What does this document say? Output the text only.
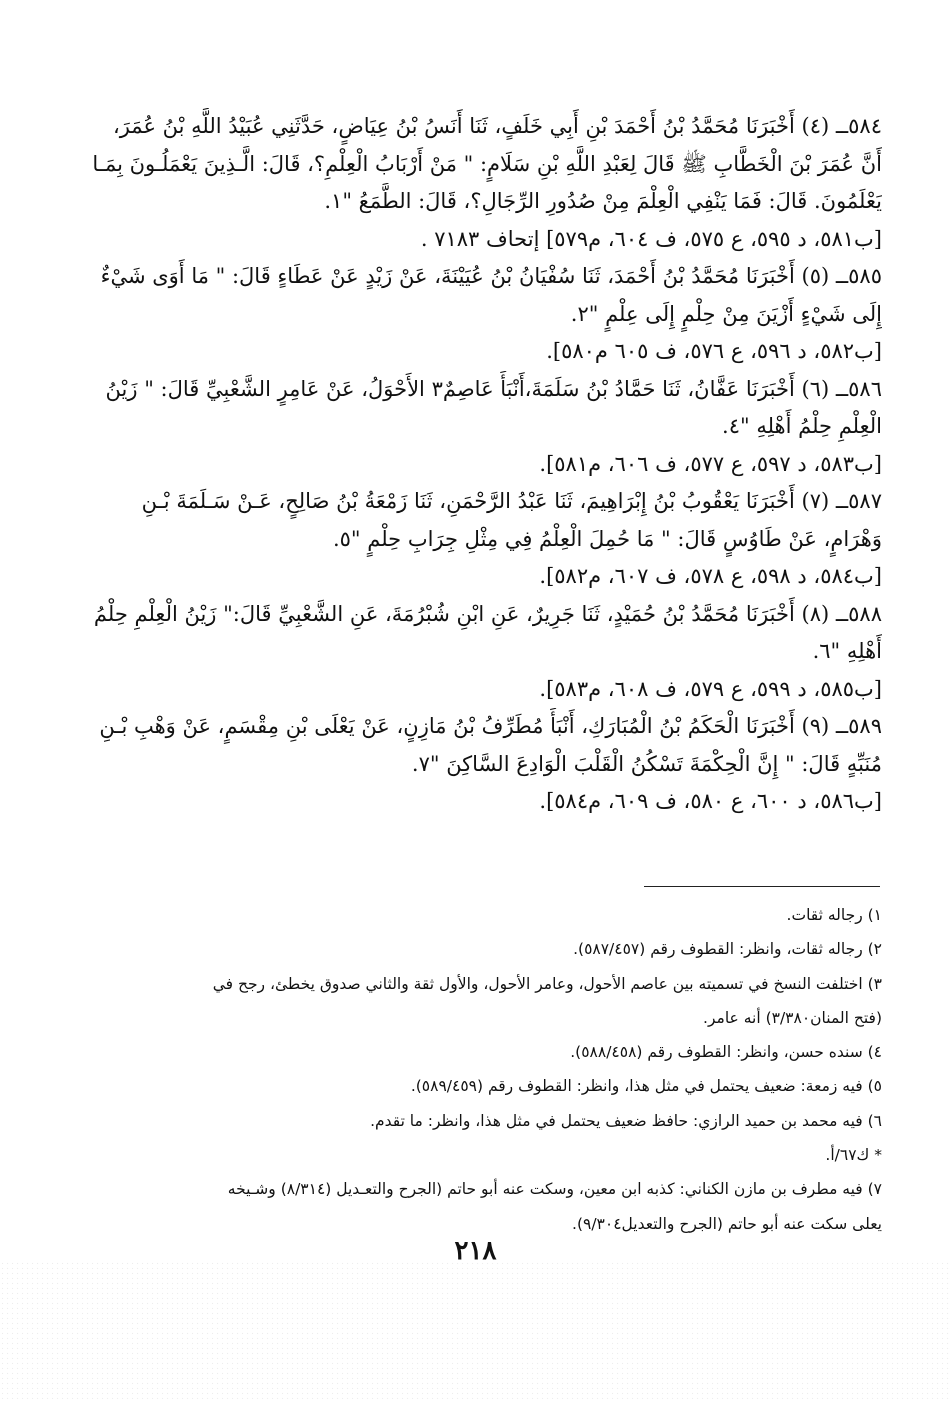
٥٨٤ــ (٤) أَخْبَرَنَا مُحَمَّدُ بْنُ أَحْمَدَ بْنِ أَبِي خَلَفٍ، ثَنَا أَنَسُ بْنُ عِيَاضٍ، حَدَّثَنِي عُبَيْدُ اللَّهِ بْنُ عُمَرَ،
أَنَّ عُمَرَ بْنَ الْخَطَّابِ ﷺ قَالَ لِعَبْدِ اللَّهِ بْنِ سَلَامٍ: " مَنْ أَرْبَابُ الْعِلْمِ؟، قَالَ: الَّـذِينَ يَعْمَلُـونَ بِمَـا
يَعْلَمُونَ. قَالَ: فَمَا يَنْفِي الْعِلْمَ مِنْ صُدُورِ الرِّجَالِ؟، قَالَ: الطَّمَعُ "١.
[ب٥٨١، د ٥٩٥، ع ٥٧٥، ف ٦٠٤، م٥٧٩] إتحاف ٧١٨٣ .
٥٨٥ــ (٥) أَخْبَرَنَا مُحَمَّدُ بْنُ أَحْمَدَ، ثَنَا سُفْيَانُ بْنُ عُيَيْنَةَ، عَنْ زَيْدٍ عَنْ عَطَاءٍ قَالَ: " مَا أَوَى شَيْءٌ
إِلَى شَيْءٍ أَزْيَنَ مِنْ حِلْمٍ إِلَى عِلْمٍ "٢.
[ب٥٨٢، د ٥٩٦، ع ٥٧٦، ف ٦٠٥ م٥٨٠].
٥٨٦ــ (٦) أَخْبَرَنَا عَفَّانُ، ثَنَا حَمَّادُ بْنُ سَلَمَةَ،أَنْبَأَ عَاصِمٌ٣ الأَحْوَلُ، عَنْ عَامِرٍ الشَّعْبِيِّ قَالَ: " زَيْنُ
الْعِلْمِ حِلْمُ أَهْلِهِ "٤.
[ب٥٨٣، د ٥٩٧، ع ٥٧٧، ف ٦٠٦، م٥٨١].
٥٨٧ــ (٧) أَخْبَرَنَا يَعْقُوبُ بْنُ إِبْرَاهِيمَ، ثَنَا عَبْدُ الرَّحْمَنِ، ثَنَا زَمْعَةُ بْنُ صَالِحٍ، عَـنْ سَـلَمَةَ بْـنِ
وَهْرَامٍ، عَنْ طَاوُسٍ قَالَ: " مَا حُمِلَ الْعِلْمُ فِي مِثْلِ جِرَابِ حِلْمٍ "٥.
[ب٥٨٤، د ٥٩٨، ع ٥٧٨، ف ٦٠٧، م٥٨٢].
٥٨٨ــ (٨) أَخْبَرَنَا مُحَمَّدُ بْنُ حُمَيْدٍ، ثَنَا جَرِيرٌ، عَنِ ابْنِ شُبْرُمَةَ، عَنِ الشَّعْبِيِّ قَالَ:" زَيْنُ الْعِلْمِ حِلْمُ
أَهْلِهِ "٦.
[ب٥٨٥، د ٥٩٩، ع ٥٧٩، ف ٦٠٨، م٥٨٣].
٥٨٩ــ (٩) أَخْبَرَنَا الْحَكَمُ بْنُ الْمُبَارَكِ، أَنْبَأَ مُطَرِّفُ بْنُ مَازِنٍ، عَنْ يَعْلَى بْنِ مِقْسَمٍ، عَنْ وَهْبِ بْـنِ
مُنَبِّهٍ قَالَ: " إِنَّ الْحِكْمَةَ تَسْكُنُ الْقَلْبَ الْوَادِعَ السَّاكِنَ "٧.
[ب٥٨٦، د ٦٠٠، ع ٥٨٠، ف ٦٠٩، م٥٨٤].
١) رجاله ثقات.
٢) رجاله ثقات، وانظر: القطوف رقم (٥٨٧/٤٥٧).
٣) اختلفت النسخ في تسميته بين عاصم الأحول، وعامر الأحول، والأول ثقة والثاني صدوق يخطئ، رجح في
(فتح المنان٣/٣٨٠) أنه عامر.
٤) سنده حسن، وانظر: القطوف رقم (٥٨٨/٤٥٨).
٥) فيه زمعة: ضعيف يحتمل في مثل هذا، وانظر: القطوف رقم (٥٨٩/٤٥٩).
٦) فيه محمد بن حميد الرازي: حافظ ضعيف يحتمل في مثل هذا، وانظر: ما تقدم.
* ك٦٧/أ.
٧) فيه مطرف بن مازن الكناني: كذبه ابن معين، وسكت عنه أبو حاتم (الجرح والتعـديل (٨/٣١٤) وشـيخه
يعلى سكت عنه أبو حاتم (الجرح والتعديل٩/٣٠٤).
٢١٨
